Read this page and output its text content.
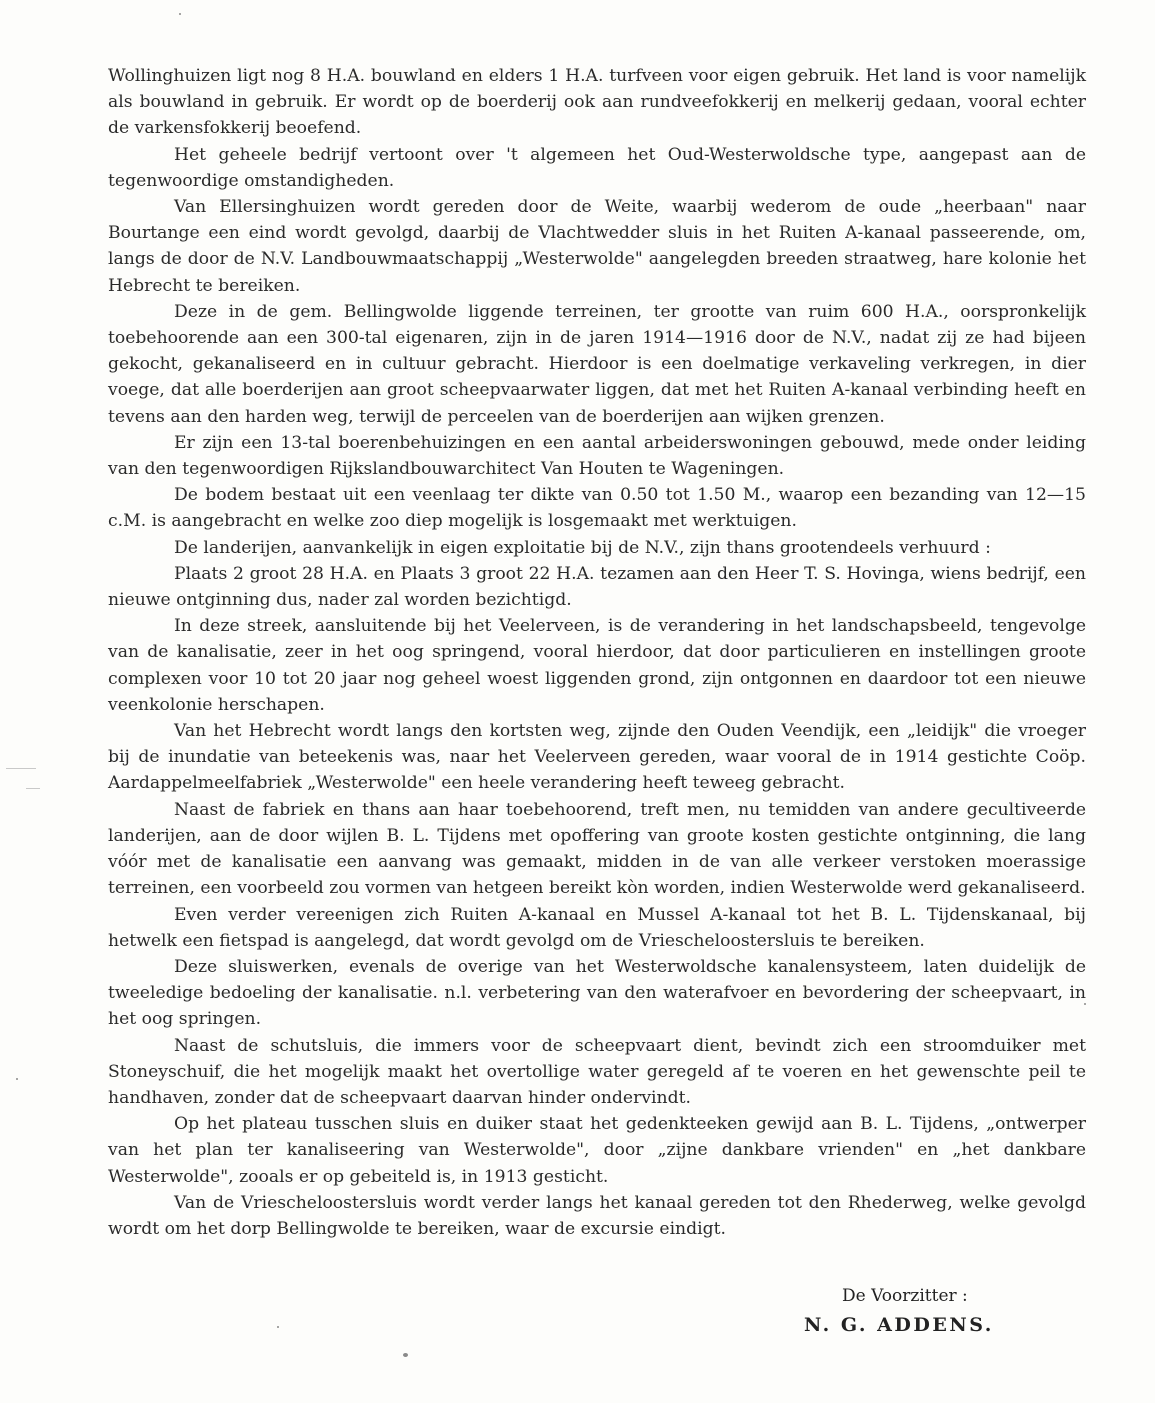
Wollinghuizen ligt nog 8 H.A. bouwland en elders 1 H.A. turfveen voor eigen gebruik. Het land is voor namelijk als bouwland in gebruik. Er wordt op de boerderij ook aan rundveefokkerij en melkerij gedaan, vooral echter de varkensfokkerij beoefend.

Het geheele bedrijf vertoont over 't algemeen het Oud-Westerwoldsche type, aangepast aan de tegenwoordige omstandigheden.

Van Ellersinghuizen wordt gereden door de Weite, waarbij wederom de oude „heerbaan" naar Bourtange een eind wordt gevolgd, daarbij de Vlachtwedder sluis in het Ruiten A-kanaal passeerende, om, langs de door de N.V. Landbouwmaatschappij „Westerwolde" aangelegden breeden straatweg, hare kolonie het Hebrecht te bereiken.

Deze in de gem. Bellingwolde liggende terreinen, ter grootte van ruim 600 H.A., oorspronkelijk toebehoorende aan een 300-tal eigenaren, zijn in de jaren 1914—1916 door de N.V., nadat zij ze had bijeen gekocht, gekanaliseerd en in cultuur gebracht. Hierdoor is een doelmatige verkaveling verkregen, in dier voege, dat alle boerderijen aan groot scheepvaarwater liggen, dat met het Ruiten A-kanaal verbinding heeft en tevens aan den harden weg, terwijl de perceelen van de boerderijen aan wijken grenzen.

Er zijn een 13-tal boerenbehuizingen en een aantal arbeiderswoningen gebouwd, mede onder leiding van den tegenwoordigen Rijkslandbouwarchitect Van Houten te Wageningen.

De bodem bestaat uit een veenlaag ter dikte van 0.50 tot 1.50 M., waarop een bezanding van 12—15 c.M. is aangebracht en welke zoo diep mogelijk is losgemaakt met werktuigen.

De landerijen, aanvankelijk in eigen exploitatie bij de N.V., zijn thans grootendeels verhuurd :

Plaats 2 groot 28 H.A. en Plaats 3 groot 22 H.A. tezamen aan den Heer T. S. Hovinga, wiens bedrijf, een nieuwe ontginning dus, nader zal worden bezichtigd.

In deze streek, aansluitende bij het Veelerveen, is de verandering in het landschapsbeeld, tengevolge van de kanalisatie, zeer in het oog springend, vooral hierdoor, dat door particulieren en instellingen groote complexen voor 10 tot 20 jaar nog geheel woest liggenden grond, zijn ontgonnen en daardoor tot een nieuwe veenkolonie herschapen.

Van het Hebrecht wordt langs den kortsten weg, zijnde den Ouden Veendijk, een „leidijk" die vroeger bij de inundatie van beteekenis was, naar het Veelerveen gereden, waar vooral de in 1914 gestichte Coöp. Aardappelmeelfabriek „Westerwolde" een heele verandering heeft teweeg gebracht.

Naast de fabriek en thans aan haar toebehoorend, treft men, nu temidden van andere gecultiveerde landerijen, aan de door wijlen B. L. Tijdens met opoffering van groote kosten gestichte ontginning, die lang vóór met de kanalisatie een aanvang was gemaakt, midden in de van alle verkeer verstoken moerassige terreinen, een voorbeeld zou vormen van hetgeen bereikt kòn worden, indien Westerwolde werd gekanaliseerd.

Even verder vereenigen zich Ruiten A-kanaal en Mussel A-kanaal tot het B. L. Tijdenskanaal, bij hetwelk een fietspad is aangelegd, dat wordt gevolgd om de Vriescheloostersluis te bereiken.

Deze sluiswerken, evenals de overige van het Westerwoldsche kanalensysteem, laten duidelijk de tweeledige bedoeling der kanalisatie. n.l. verbetering van den waterafvoer en bevordering der scheepvaart, in het oog springen.

Naast de schutsluis, die immers voor de scheepvaart dient, bevindt zich een stroomduiker met Stoneyschuif, die het mogelijk maakt het overtollige water geregeld af te voeren en het gewenschte peil te handhaven, zonder dat de scheepvaart daarvan hinder ondervindt.

Op het plateau tusschen sluis en duiker staat het gedenkteeken gewijd aan B. L. Tijdens, „ontwerper van het plan ter kanaliseering van Westerwolde", door „zijne dankbare vrienden" en „het dankbare Westerwolde", zooals er op gebeiteld is, in 1913 gesticht.

Van de Vriescheloostersluis wordt verder langs het kanaal gereden tot den Rhederweg, welke gevolgd wordt om het dorp Bellingwolde te bereiken, waar de excursie eindigt.

De Voorzitter :
N. G. ADDENS.
